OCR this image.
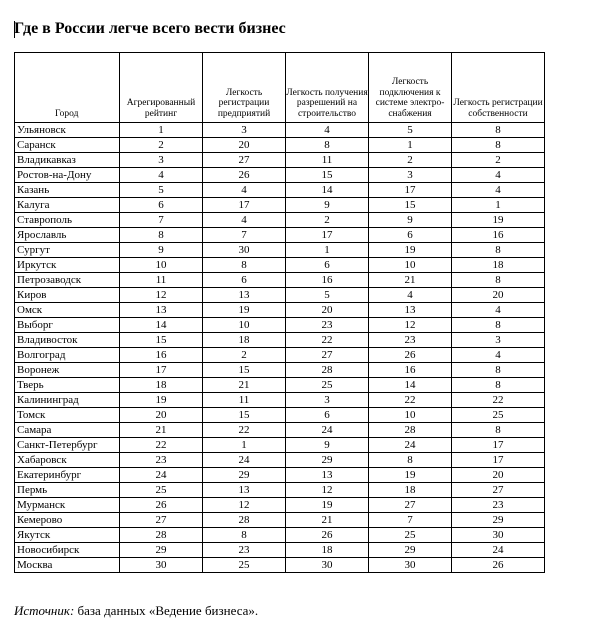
Где в России легче всего вести бизнес
Город	Агрегированный рейтинг	Легкость регистрации предприятий	Легкость получения разрешений на строительство	Легкость подключения к системе электро-снабжения	Легкость регистрации собственности
Ульяновск	1	3	4	5	8
Саранск	2	20	8	1	8
Владикавказ	3	27	11	2	2
Ростов-на-Дону	4	26	15	3	4
Казань	5	4	14	17	4
Калуга	6	17	9	15	1
Ставрополь	7	4	2	9	19
Ярославль	8	7	17	6	16
Сургут	9	30	1	19	8
Иркутск	10	8	6	10	18
Петрозаводск	11	6	16	21	8
Киров	12	13	5	4	20
Омск	13	19	20	13	4
Выборг	14	10	23	12	8
Владивосток	15	18	22	23	3
Волгоград	16	2	27	26	4
Воронеж	17	15	28	16	8
Тверь	18	21	25	14	8
Калининград	19	11	3	22	22
Томск	20	15	6	10	25
Самара	21	22	24	28	8
Санкт-Петербург	22	1	9	24	17
Хабаровск	23	24	29	8	17
Екатеринбург	24	29	13	19	20
Пермь	25	13	12	18	27
Мурманск	26	12	19	27	23
Кемерово	27	28	21	7	29
Якутск	28	8	26	25	30
Новосибирск	29	23	18	29	24
Москва	30	25	30	30	26

Источник: база данных «Ведение бизнеса».
